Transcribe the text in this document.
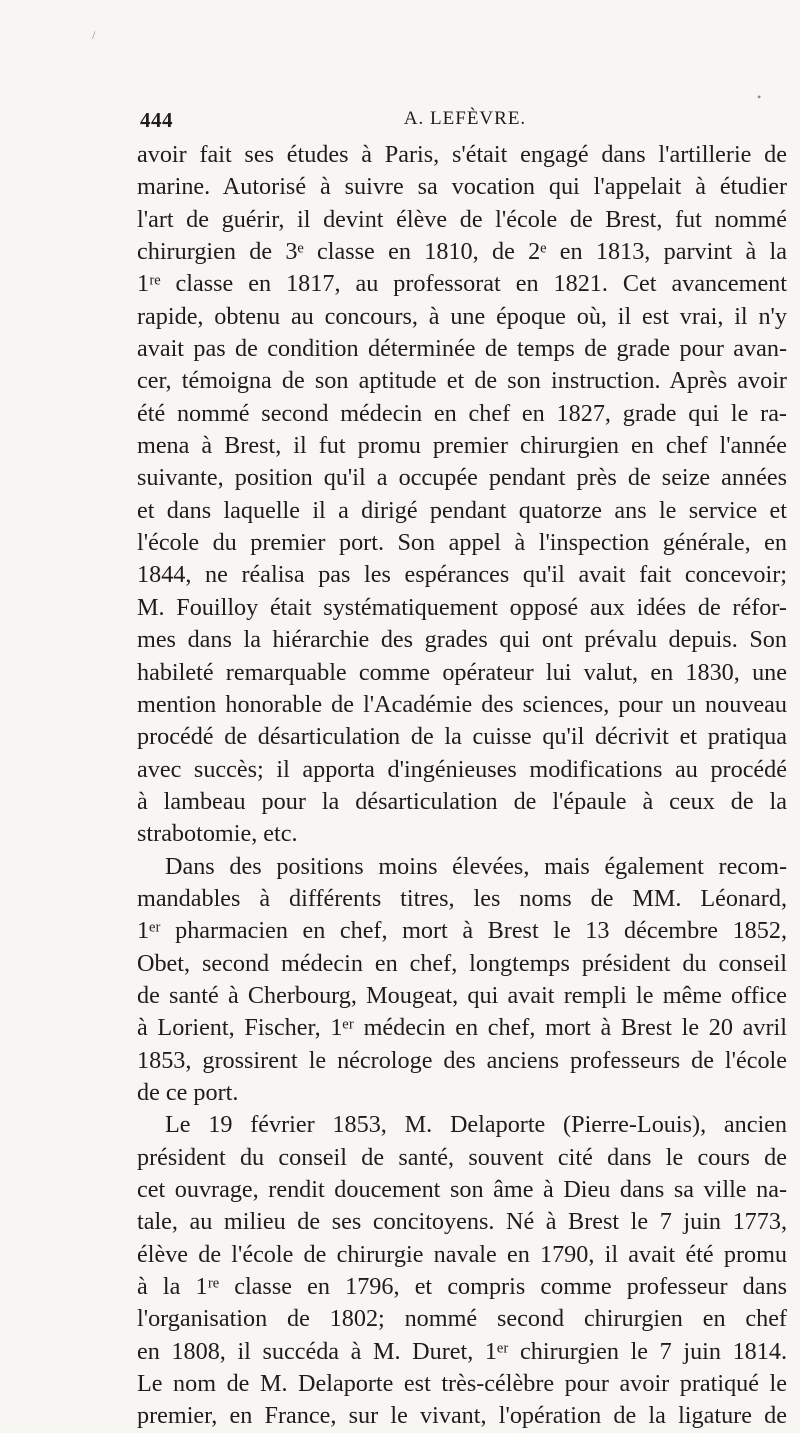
/
•
444	A. LEFÈVRE.
avoir fait ses études à Paris, s'était engagé dans l'artillerie de
marine. Autorisé à suivre sa vocation qui l'appelait à étudier
l'art de guérir, il devint élève de l'école de Brest, fut nommé
chirurgien de 3ᵉ classe en 1810, de 2ᵉ en 1813, parvint à la
1ʳᵉ classe en 1817, au professorat en 1821. Cet avancement
rapide, obtenu au concours, à une époque où, il est vrai, il n'y
avait pas de condition déterminée de temps de grade pour avan-
cer, témoigna de son aptitude et de son instruction. Après avoir
été nommé second médecin en chef en 1827, grade qui le ra-
mena à Brest, il fut promu premier chirurgien en chef l'année
suivante, position qu'il a occupée pendant près de seize années
et dans laquelle il a dirigé pendant quatorze ans le service et
l'école du premier port. Son appel à l'inspection générale, en
1844, ne réalisa pas les espérances qu'il avait fait concevoir;
M. Fouilloy était systématiquement opposé aux idées de réfor-
mes dans la hiérarchie des grades qui ont prévalu depuis. Son
habileté remarquable comme opérateur lui valut, en 1830, une
mention honorable de l'Académie des sciences, pour un nouveau
procédé de désarticulation de la cuisse qu'il décrivit et pratiqua
avec succès; il apporta d'ingénieuses modifications au procédé
à lambeau pour la désarticulation de l'épaule à ceux de la
strabotomie, etc.
Dans des positions moins élevées, mais également recom-
mandables à différents titres, les noms de MM. Léonard,
1ᵉʳ pharmacien en chef, mort à Brest le 13 décembre 1852,
Obet, second médecin en chef, longtemps président du conseil
de santé à Cherbourg, Mougeat, qui avait rempli le même office
à Lorient, Fischer, 1ᵉʳ médecin en chef, mort à Brest le 20 avril
1853, grossirent le nécrologe des anciens professeurs de l'école
de ce port.
Le 19 février 1853, M. Delaporte (Pierre-Louis), ancien
président du conseil de santé, souvent cité dans le cours de
cet ouvrage, rendit doucement son âme à Dieu dans sa ville na-
tale, au milieu de ses concitoyens. Né à Brest le 7 juin 1773,
élève de l'école de chirurgie navale en 1790, il avait été promu
à la 1ʳᵉ classe en 1796, et compris comme professeur dans
l'organisation de 1802; nommé second chirurgien en chef
en 1808, il succéda à M. Duret, 1ᵉʳ chirurgien le 7 juin 1814.
Le nom de M. Delaporte est très-célèbre pour avoir pratiqué le
premier, en France, sur le vivant, l'opération de la ligature de
